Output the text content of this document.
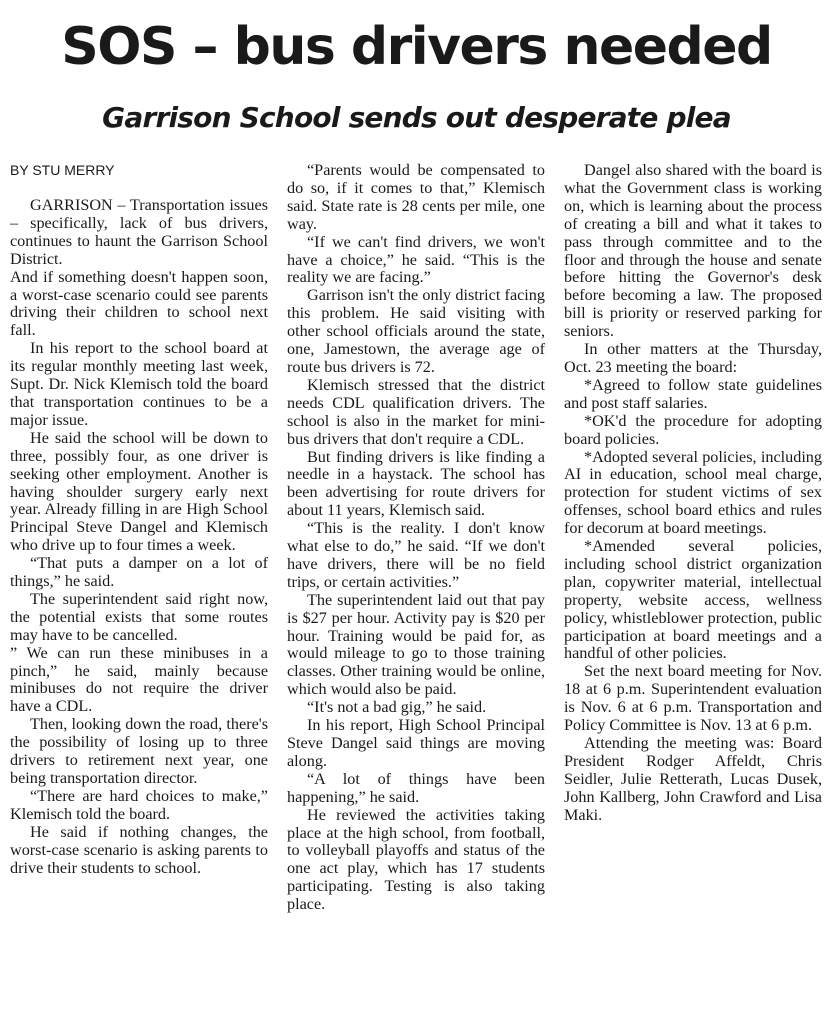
SOS – bus drivers needed
Garrison School sends out desperate plea
BY STU MERRY

GARRISON – Transportation issues – specifically, lack of bus drivers, continues to haunt the Garrison School District.

And if something doesn't happen soon, a worst-case scenario could see parents driving their children to school next fall.

In his report to the school board at its regular monthly meeting last week, Supt. Dr. Nick Klemisch told the board that transportation continues to be a major issue.

He said the school will be down to three, possibly four, as one driver is seeking other employment. Another is having shoulder surgery early next year. Already filling in are High School Principal Steve Dangel and Klemisch who drive up to four times a week.

“That puts a damper on a lot of things,” he said.

The superintendent said right now, the potential exists that some routes may have to be cancelled.

” We can run these minibuses in a pinch,” he said, mainly because minibuses do not require the driver have a CDL.

Then, looking down the road, there's the possibility of losing up to three drivers to retirement next year, one being transportation director.

“There are hard choices to make,” Klemisch told the board.

He said if nothing changes, the worst-case scenario is asking parents to drive their students to school.

“Parents would be compensated to do so, if it comes to that,” Klemisch said. State rate is 28 cents per mile, one way.

“If we can't find drivers, we won't have a choice,” he said. “This is the reality we are facing.”

Garrison isn't the only district facing this problem. He said visiting with other school officials around the state, one, Jamestown, the average age of route bus drivers is 72.

Klemisch stressed that the district needs CDL qualification drivers. The school is also in the market for mini-bus drivers that don't require a CDL.

But finding drivers is like finding a needle in a haystack. The school has been advertising for route drivers for about 11 years, Klemisch said.

“This is the reality. I don't know what else to do,” he said. “If we don't have drivers, there will be no field trips, or certain activities.”

The superintendent laid out that pay is $27 per hour. Activity pay is $20 per hour. Training would be paid for, as would mileage to go to those training classes. Other training would be online, which would also be paid.

“It's not a bad gig,” he said.

In his report, High School Principal Steve Dangel said things are moving along.

“A lot of things have been happening,” he said.

He reviewed the activities taking place at the high school, from football, to volleyball playoffs and status of the one act play, which has 17 students participating. Testing is also taking place.

Dangel also shared with the board is what the Government class is working on, which is learning about the process of creating a bill and what it takes to pass through committee and to the floor and through the house and senate before hitting the Governor's desk before becoming a law. The proposed bill is priority or reserved parking for seniors.

In other matters at the Thursday, Oct. 23 meeting the board:

*Agreed to follow state guidelines and post staff salaries.

*OK'd the procedure for adopting board policies.

*Adopted several policies, including AI in education, school meal charge, protection for student victims of sex offenses, school board ethics and rules for decorum at board meetings.

*Amended several policies, including school district organization plan, copywriter material, intellectual property, website access, wellness policy, whistleblower protection, public participation at board meetings and a handful of other policies.

Set the next board meeting for Nov. 18 at 6 p.m. Superintendent evaluation is Nov. 6 at 6 p.m. Transportation and Policy Committee is Nov. 13 at 6 p.m.

Attending the meeting was: Board President Rodger Affeldt, Chris Seidler, Julie Retterath, Lucas Dusek, John Kallberg, John Crawford and Lisa Maki.
